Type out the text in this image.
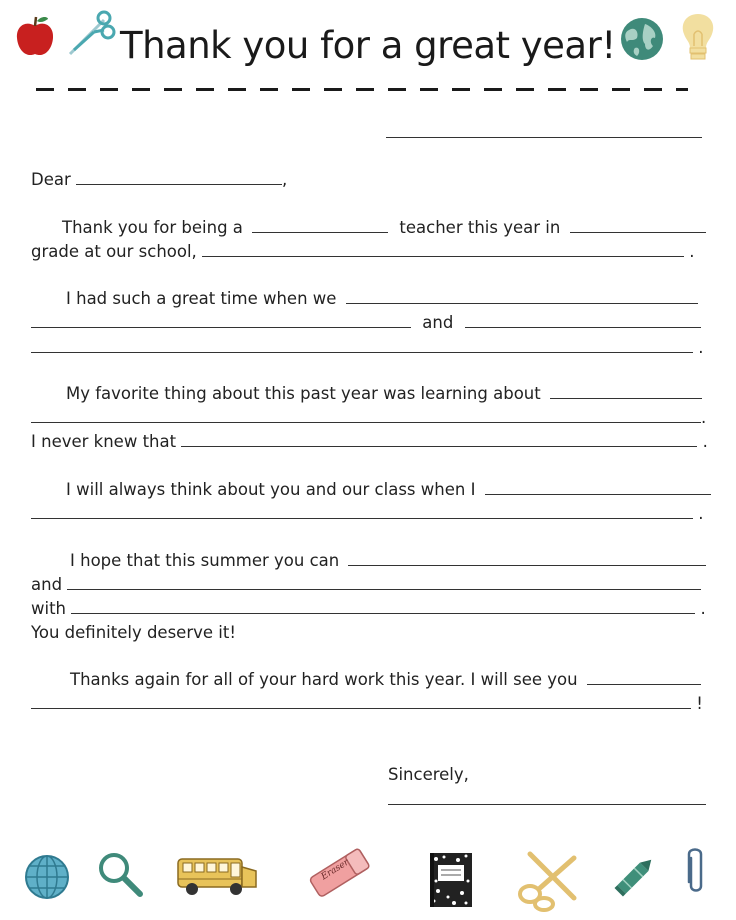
Thank you for a great year!
Dear	,
Thank you for being a	teacher this year in
grade at our school,	.
I had such a great time when we
and
.
My favorite thing about this past year was learning about
.
I never knew that	.
I will always think about you and our class when I
.
I hope that this summer you can
and
with	.
You definitely deserve it!
Thanks again for all of your hard work this year. I will see you
!
Sincerely,
Eraser
